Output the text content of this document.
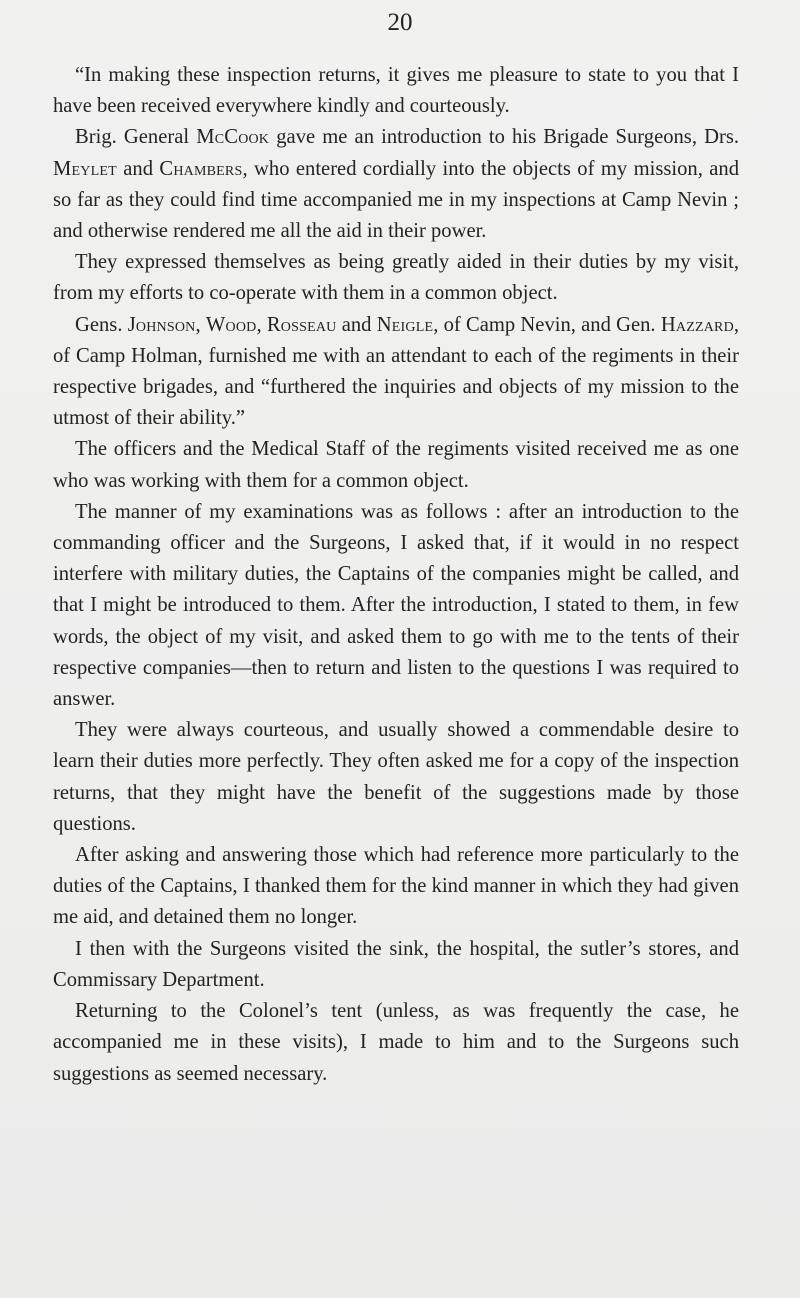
20

“In making these inspection returns, it gives me pleasure to state to you that I have been received everywhere kindly and courteously.

Brig. General McCook gave me an introduction to his Brigade Surgeons, Drs. Meylet and Chambers, who entered cordially into the objects of my mission, and so far as they could find time accompanied me in my inspections at Camp Nevin ; and otherwise rendered me all the aid in their power.

They expressed themselves as being greatly aided in their duties by my visit, from my efforts to co-operate with them in a common object.

Gens. Johnson, Wood, Rosseau and Neigle, of Camp Nevin, and Gen. Hazzard, of Camp Holman, furnished me with an attendant to each of the regiments in their respective brigades, and “furthered the inquiries and objects of my mission to the utmost of their ability.”

The officers and the Medical Staff of the regiments visited received me as one who was working with them for a common object.

The manner of my examinations was as follows : after an introduction to the commanding officer and the Surgeons, I asked that, if it would in no respect interfere with military duties, the Captains of the companies might be called, and that I might be introduced to them. After the introduction, I stated to them, in few words, the object of my visit, and asked them to go with me to the tents of their respective companies—then to return and listen to the questions I was required to answer.

They were always courteous, and usually showed a commendable desire to learn their duties more perfectly. They often asked me for a copy of the inspection returns, that they might have the benefit of the suggestions made by those questions.

After asking and answering those which had reference more particularly to the duties of the Captains, I thanked them for the kind manner in which they had given me aid, and detained them no longer.

I then with the Surgeons visited the sink, the hospital, the sutler’s stores, and Commissary Department.

Returning to the Colonel’s tent (unless, as was frequently the case, he accompanied me in these visits), I made to him and to the Surgeons such suggestions as seemed necessary.
